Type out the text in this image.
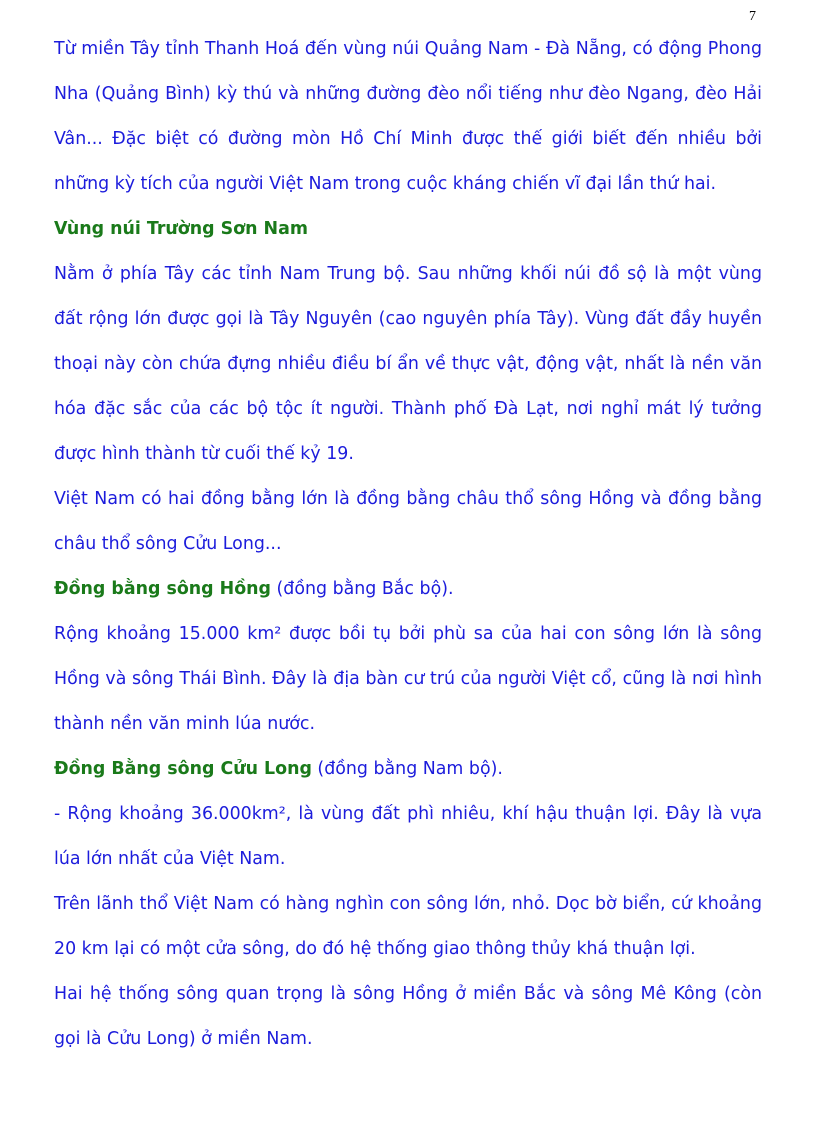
7

Từ miền Tây tỉnh Thanh Hoá đến vùng núi Quảng Nam - Đà Nẵng, có động Phong Nha (Quảng Bình) kỳ thú và những đường đèo nổi tiếng như đèo Ngang, đèo Hải Vân... Đặc biệt có đường mòn Hồ Chí Minh được thế giới biết đến nhiều bởi những kỳ tích của người Việt Nam trong cuộc kháng chiến vĩ đại lần thứ hai.

Vùng núi Trường Sơn Nam

Nằm ở phía Tây các tỉnh Nam Trung bộ. Sau những khối núi đồ sộ là một vùng đất rộng lớn được gọi là Tây Nguyên (cao nguyên phía Tây). Vùng đất đầy huyền thoại này còn chứa đựng nhiều điều bí ẩn về thực vật, động vật, nhất là nền văn hóa đặc sắc của các bộ tộc ít người. Thành phố Đà Lạt, nơi nghỉ mát lý tưởng được hình thành từ cuối thế kỷ 19.

Việt Nam có hai đồng bằng lớn là đồng bằng châu thổ sông Hồng và đồng bằng châu thổ sông Cửu Long...

Đồng bằng sông Hồng (đồng bằng Bắc bộ).

Rộng khoảng 15.000 km² được bồi tụ bởi phù sa của hai con sông lớn là sông Hồng và sông Thái Bình. Đây là địa bàn cư trú của người Việt cổ, cũng là nơi hình thành nền văn minh lúa nước.

Đồng Bằng sông Cửu Long (đồng bằng Nam bộ).

- Rộng khoảng 36.000km², là vùng đất phì nhiêu, khí hậu thuận lợi. Đây là vựa lúa lớn nhất của Việt Nam.

Trên lãnh thổ Việt Nam có hàng nghìn con sông lớn, nhỏ. Dọc bờ biển, cứ khoảng 20 km lại có một cửa sông, do đó hệ thống giao thông thủy khá thuận lợi.

Hai hệ thống sông quan trọng là sông Hồng ở miền Bắc và sông Mê Kông (còn gọi là Cửu Long) ở miền Nam.
